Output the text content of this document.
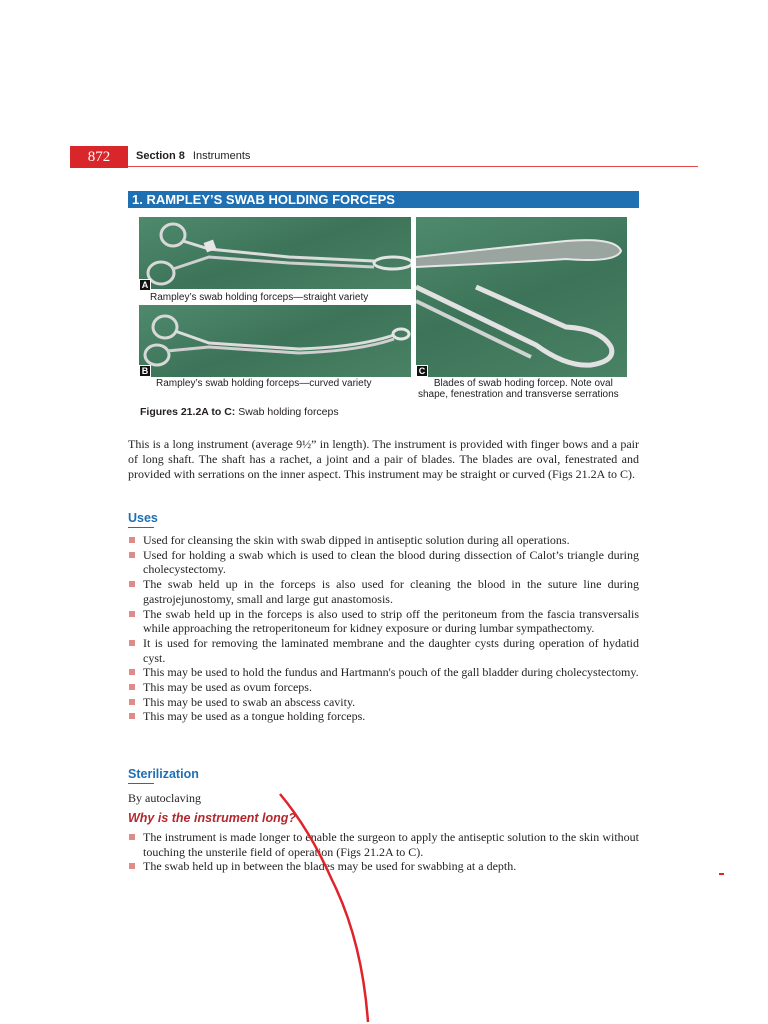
872	Section 8 Instruments
1. RAMPLEY’S SWAB HOLDING FORCEPS
A
Rampley’s swab holding forceps—straight variety
B
Rampley’s swab holding forceps—curved variety
C
Blades of swab hoding forcep. Note oval
shape, fenestration and transverse serrations
Figures 21.2A to C: Swab holding forceps
This is a long instrument (average 9½” in length). The instrument is provided with finger bows and a pair of long shaft. The shaft has a rachet, a joint and a pair of blades. The blades are oval, fenestrated and provided with serrations on the inner aspect. This instrument may be straight or curved (Figs 21.2A to C).
Uses
Used for cleansing the skin with swab dipped in antiseptic solution during all operations.
Used for holding a swab which is used to clean the blood during dissection of Calot’s triangle during cholecystectomy.
The swab held up in the forceps is also used for cleaning the blood in the suture line during gastrojejunostomy, small and large gut anastomosis.
The swab held up in the forceps is also used to strip off the peritoneum from the fascia transversalis while approaching the retroperitoneum for kidney exposure or during lumbar sympathectomy.
It is used for removing the laminated membrane and the daughter cysts during operation of hydatid cyst.
This may be used to hold the fundus and Hartmann's pouch of the gall bladder during cholecystectomy.
This may be used as ovum forceps.
This may be used to swab an abscess cavity.
This may be used as a tongue holding forceps.
Sterilization
By autoclaving
Why is the instrument long?
The instrument is made longer to enable the surgeon to apply the antiseptic solution to the skin without touching the unsterile field of operation (Figs 21.2A to C).
The swab held up in between the blades may be used for swabbing at a depth.
